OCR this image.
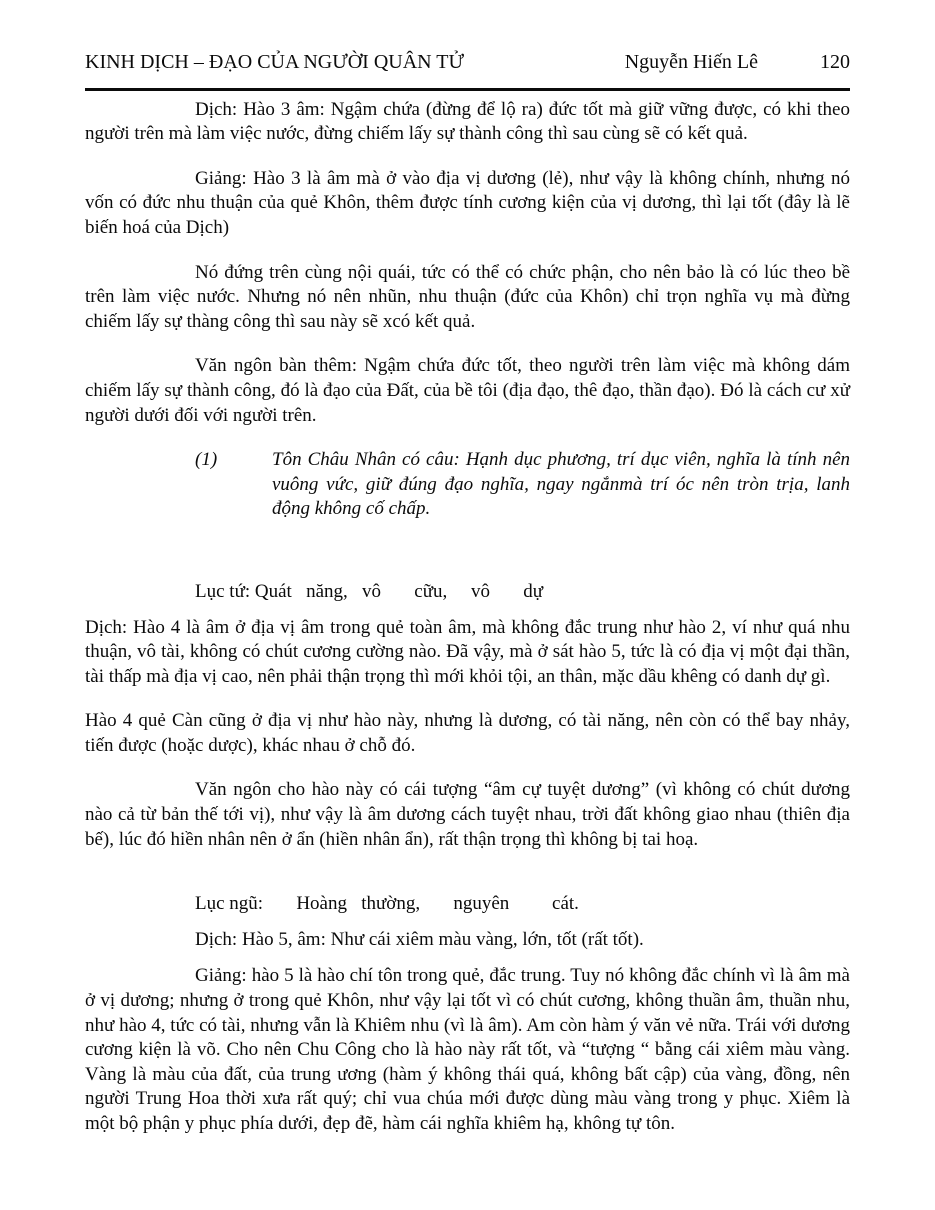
KINH DỊCH – ĐẠO CỦA NGƯỜI QUÂN TỬ	Nguyễn Hiến Lê	120

Dịch: Hào 3 âm: Ngậm chứa (đừng để lộ ra) đức tốt mà giữ vững được, có khi theo người trên mà làm việc nước, đừng chiếm lấy sự thành công thì sau cùng sẽ có kết quả.

Giảng: Hào 3 là âm mà ở vào địa vị dương (lẻ), như vậy là không chính, nhưng nó vốn có đức nhu thuận của quẻ Khôn, thêm được tính cương kiện của vị dương, thì lại tốt (đây là lẽ biến hoá của Dịch)

Nó đứng trên cùng nội quái, tức có thể có chức phận, cho nên bảo là có lúc theo bề trên làm việc nước. Nhưng nó nên nhũn, nhu thuận (đức của Khôn) chỉ trọn nghĩa vụ mà đừng chiếm lấy sự thàng công thì sau này sẽ xcó kết quả.

Văn ngôn bàn thêm: Ngậm chứa đức tốt, theo người trên làm việc mà không dám chiếm lấy sự thành công, đó là đạo của Đất, của bề tôi (địa đạo, thê đạo, thần đạo). Đó là cách cư xử người dưới đối với người trên.

(1)	Tôn Châu Nhân có câu: Hạnh dục phương, trí dục viên, nghĩa là tính nên vuông vức, giữ đúng đạo nghĩa, ngay ngắnmà trí óc nên tròn trịa, lanh động không cố chấp.
Lục tứ: Quát   năng,   vô       cữu,     vô       dự

Dịch: Hào 4 là âm ở địa vị âm trong quẻ toàn âm, mà không đắc trung như hào 2, ví như quá nhu thuận, vô tài, không có chút cương cường nào. Đã vậy, mà ở sát hào 5, tức là có địa vị một đại thần, tài thấp mà địa vị cao, nên phải thận trọng thì mới khỏi tội, an thân, mặc dầu khêng có danh dự gì.

Hào 4 quẻ Càn cũng ở địa vị như hào này, nhưng là dương, có tài năng, nên còn có thể bay nhảy, tiến được (hoặc dược), khác nhau ở chỗ đó.

Văn ngôn cho hào này có cái tượng “âm cự tuyệt dương” (vì không có chút dương nào cả từ bản thế tới vị), như vậy là âm dương cách tuyệt nhau, trời đất không giao nhau (thiên địa bế), lúc đó hiền nhân nên ở ẩn (hiền nhân ẩn), rất thận trọng thì không bị tai hoạ.

Lục ngũ:       Hoàng   thường,       nguyên         cát.

Dịch: Hào 5, âm: Như cái xiêm màu vàng, lớn, tốt (rất tốt).

Giảng: hào 5 là hào chí tôn trong quẻ, đắc trung. Tuy nó không đắc chính vì là âm mà ở vị dương; nhưng ở trong quẻ Khôn, như vậy lại tốt vì có chút cương, không thuần âm, thuần nhu, như hào 4, tức có tài, nhưng vẫn là Khiêm nhu (vì là âm). Am còn hàm ý văn vẻ nữa. Trái với dương cương kiện là võ. Cho nên Chu Công cho là hào này rất tốt, và “tượng “ bằng cái xiêm màu vàng. Vàng là màu của đất, của trung ương (hàm ý không thái quá, không bất cập) của vàng, đồng, nên người Trung Hoa thời xưa rất quý; chỉ vua chúa mới được dùng màu vàng trong y phục. Xiêm là một bộ phận y phục phía dưới, đẹp đẽ, hàm cái nghĩa khiêm hạ, không tự tôn.
